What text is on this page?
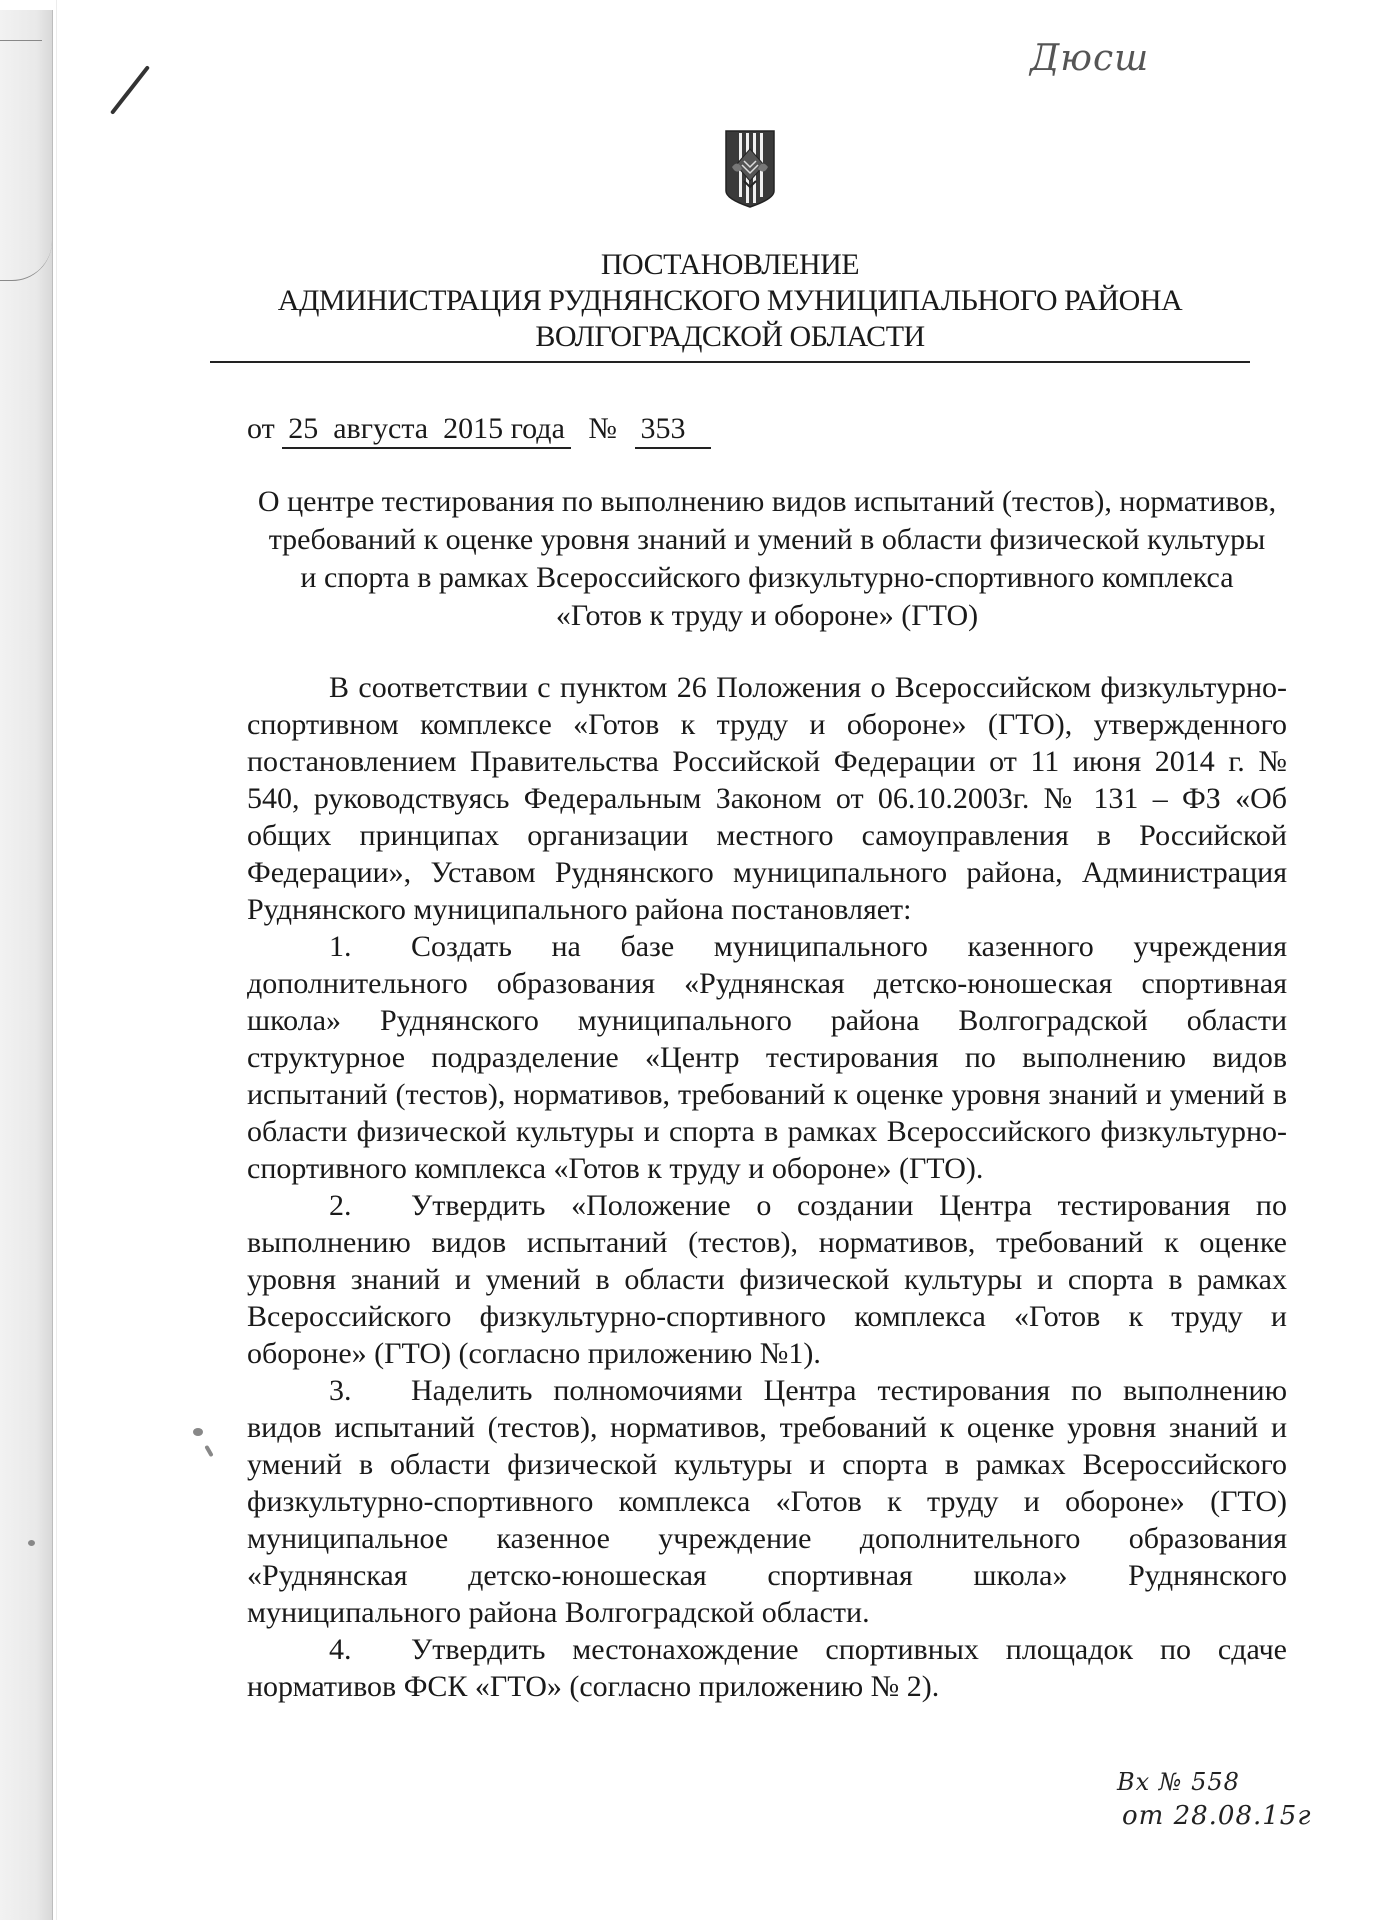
Дюсш
ПОСТАНОВЛЕНИЕ
АДМИНИСТРАЦИЯ РУДНЯНСКОГО МУНИЦИПАЛЬНОГО РАЙОНА
ВОЛГОГРАДСКОЙ ОБЛАСТИ
от 25  августа  2015 года № 353
О центре тестирования по выполнению видов испытаний (тестов), нормативов, требований к оценке уровня знаний и умений в области физической культуры и спорта в рамках Всероссийского физкультурно-спортивного комплекса «Готов к труду и обороне» (ГТО)

В соответствии с пунктом 26 Положения о Всероссийском физкультурно-спортивном комплексе «Готов к труду и обороне» (ГТО), утвержденного постановлением Правительства Российской Федерации от 11 июня 2014 г. № 540, руководствуясь Федеральным Законом от 06.10.2003г. № 131 – ФЗ «Об общих принципах организации местного самоуправления в Российской Федерации», Уставом Руднянского муниципального района, Администрация Руднянского муниципального района постановляет:

1. Создать на базе муниципального казенного учреждения дополнительного образования «Руднянская детско-юношеская спортивная школа» Руднянского муниципального района Волгоградской области структурное подразделение «Центр тестирования по выполнению видов испытаний (тестов), нормативов, требований к оценке уровня знаний и умений в области физической культуры и спорта в рамках Всероссийского физкультурно-спортивного комплекса «Готов к труду и обороне» (ГТО).

2. Утвердить «Положение о создании Центра тестирования по выполнению видов испытаний (тестов), нормативов, требований к оценке уровня знаний и умений в области физической культуры и спорта в рамках Всероссийского физкультурно-спортивного комплекса «Готов к труду и обороне» (ГТО) (согласно приложению №1).

3. Наделить полномочиями Центра тестирования по выполнению видов испытаний (тестов), нормативов, требований к оценке уровня знаний и умений в области физической культуры и спорта в рамках Всероссийского физкультурно-спортивного комплекса «Готов к труду и обороне» (ГТО) муниципальное казенное учреждение дополнительного образования «Руднянская детско-юношеская спортивная школа» Руднянского муниципального района Волгоградской области.

4. Утвердить местонахождение спортивных площадок по сдаче нормативов ФСК «ГТО» (согласно приложению № 2).

Вх № 558
от 28.08.15г
